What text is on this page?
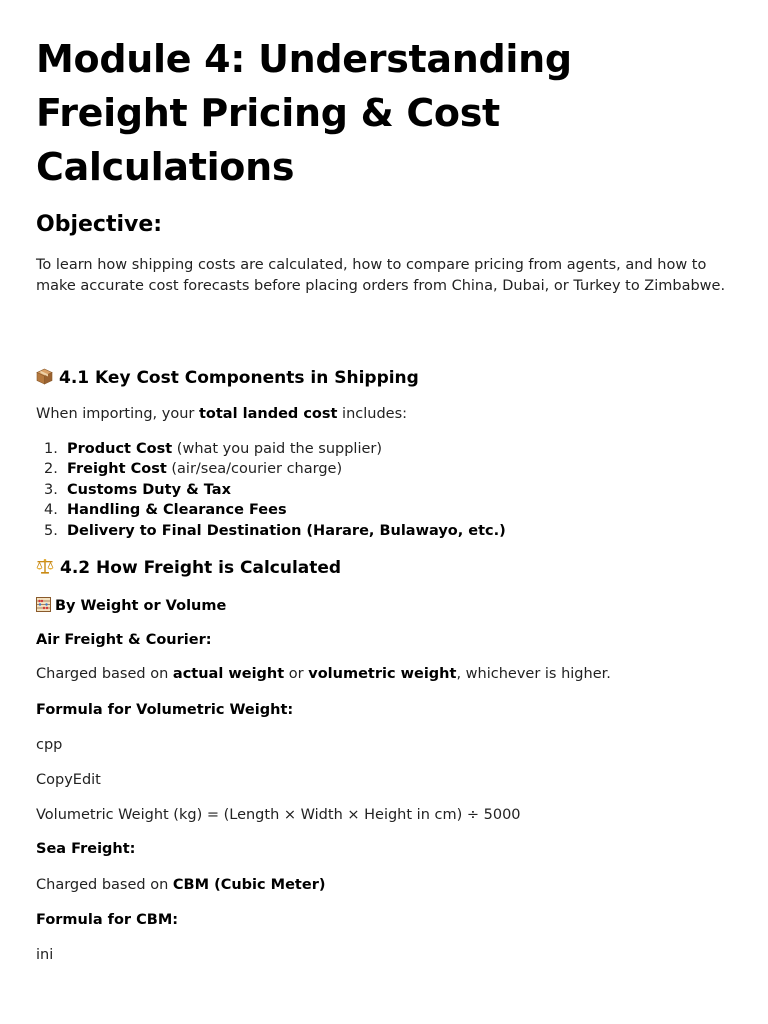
Module 4: Understanding Freight Pricing & Cost Calculations
Objective:

To learn how shipping costs are calculated, how to compare pricing from agents, and how to make accurate cost forecasts before placing orders from China, Dubai, or Turkey to Zimbabwe.

4.1 Key Cost Components in Shipping

When importing, your total landed cost includes:

1. Product Cost (what you paid the supplier)
2. Freight Cost (air/sea/courier charge)
3. Customs Duty & Tax
4. Handling & Clearance Fees
5. Delivery to Final Destination (Harare, Bulawayo, etc.)
4.2 How Freight is Calculated

By Weight or Volume

Air Freight & Courier:

Charged based on actual weight or volumetric weight, whichever is higher.

Formula for Volumetric Weight:

cpp

CopyEdit

Volumetric Weight (kg) = (Length × Width × Height in cm) ÷ 5000

Sea Freight:

Charged based on CBM (Cubic Meter)

Formula for CBM:

ini
